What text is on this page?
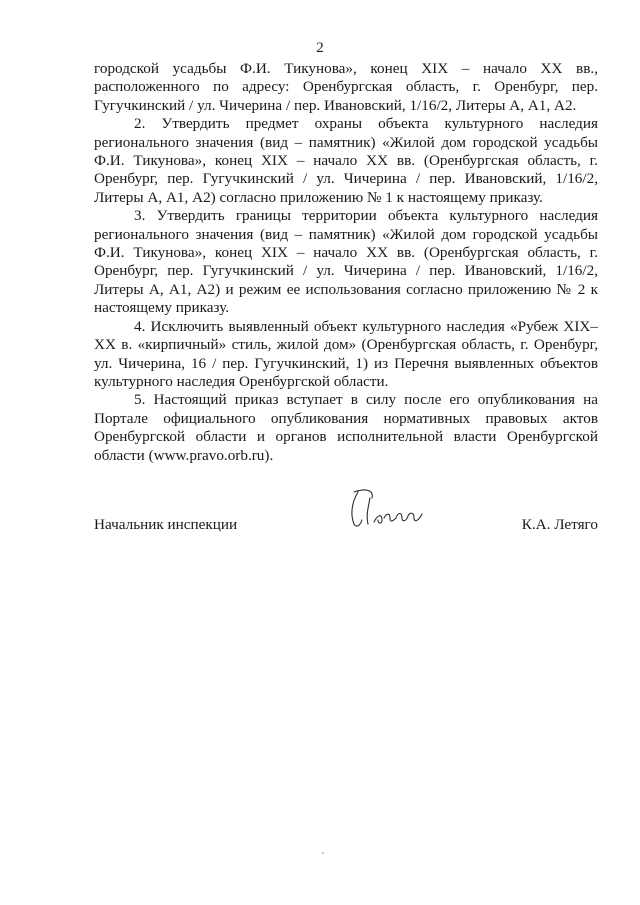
2

городской усадьбы Ф.И. Тикунова», конец XIX – начало XX вв., расположенного по адресу: Оренбургская область, г. Оренбург, пер. Гугучкинский / ул. Чичерина / пер. Ивановский, 1/16/2, Литеры А, А1, А2.

2. Утвердить предмет охраны объекта культурного наследия регионального значения (вид – памятник) «Жилой дом городской усадьбы Ф.И. Тикунова», конец XIX – начало XX вв. (Оренбургская область, г. Оренбург, пер. Гугучкинский / ул. Чичерина / пер. Ивановский, 1/16/2, Литеры А, А1, А2) согласно приложению № 1 к настоящему приказу.

3. Утвердить границы территории объекта культурного наследия регионального значения (вид – памятник) «Жилой дом городской усадьбы Ф.И. Тикунова», конец XIX – начало XX вв. (Оренбургская область, г. Оренбург, пер. Гугучкинский / ул. Чичерина / пер. Ивановский, 1/16/2, Литеры А, А1, А2) и режим ее использования согласно приложению № 2 к настоящему приказу.

4. Исключить выявленный объект культурного наследия «Рубеж XIX–XX в. «кирпичный» стиль, жилой дом» (Оренбургская область, г. Оренбург, ул. Чичерина, 16 / пер. Гугучкинский, 1) из Перечня выявленных объектов культурного наследия Оренбургской области.

5. Настоящий приказ вступает в силу после его опубликования на Портале официального опубликования нормативных правовых актов Оренбургской области и органов исполнительной власти Оренбургской области (www.pravo.orb.ru).

Начальник инспекции	К.А. Летяго
